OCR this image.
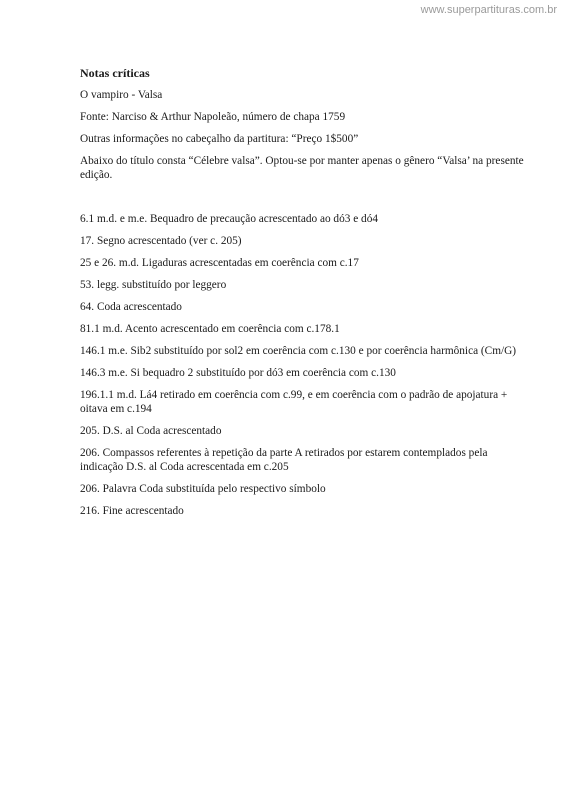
www.superpartituras.com.br
Notas críticas
O vampiro - Valsa
Fonte: Narciso & Arthur Napoleão, número de chapa 1759
Outras informações no cabeçalho da partitura: “Preço 1$500”
Abaixo do título consta “Célebre valsa”. Optou-se por manter apenas o gênero “Valsa’ na presente edição.
6.1 m.d. e m.e. Bequadro de precaução acrescentado ao dó3 e dó4
17. Segno acrescentado (ver c. 205)
25 e 26. m.d. Ligaduras acrescentadas em coerência com c.17
53. legg. substituído por leggero
64. Coda acrescentado
81.1 m.d. Acento acrescentado em coerência com c.178.1
146.1 m.e. Sib2 substituído por sol2 em coerência com c.130 e por coerência harmônica (Cm/G)
146.3 m.e. Si bequadro 2 substituído por dó3 em coerência com c.130
196.1.1 m.d. Lá4 retirado em coerência com c.99, e em coerência com o padrão de apojatura + oitava em c.194
205. D.S. al Coda acrescentado
206. Compassos referentes à repetição da parte A retirados por estarem contemplados pela indicação D.S. al Coda acrescentada em c.205
206. Palavra Coda substituída pelo respectivo símbolo
216. Fine acrescentado
